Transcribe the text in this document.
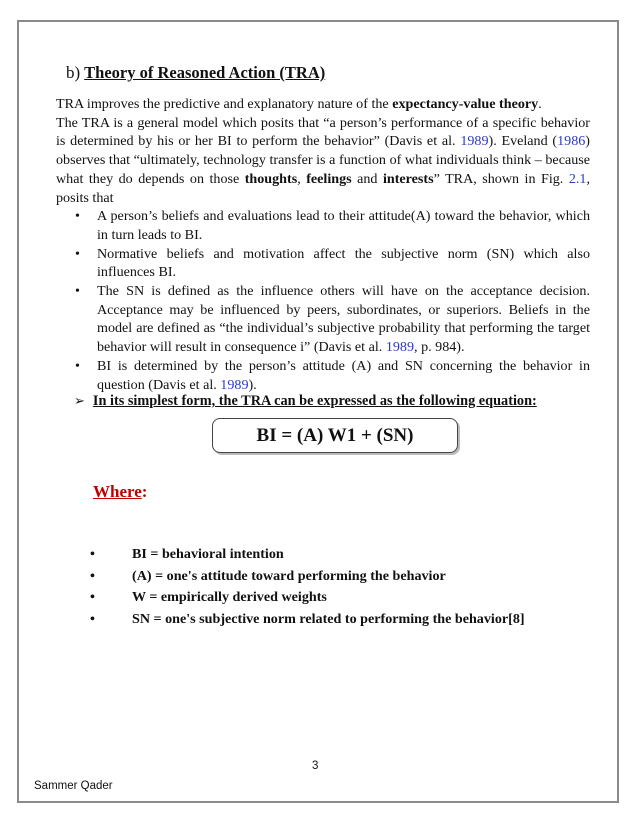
b) Theory of Reasoned Action (TRA)

TRA improves the predictive and explanatory nature of the expectancy-value theory.

The TRA is a general model which posits that “a person’s performance of a specific behavior is determined by his or her BI to perform the behavior” (Davis et al. 1989). Eveland (1986) observes that “ultimately, technology transfer is a function of what individuals think – because what they do depends on those thoughts, feelings and interests” TRA, shown in Fig. 2.1, posits that

• A person’s beliefs and evaluations lead to their attitude(A) toward the behavior, which in turn leads to BI.
• Normative beliefs and motivation affect the subjective norm (SN) which also influences BI.
• The SN is defined as the influence others will have on the acceptance decision. Acceptance may be influenced by peers, subordinates, or superiors. Beliefs in the model are defined as “the individual’s subjective probability that performing the target behavior will result in consequence i” (Davis et al. 1989, p. 984).
• BI is determined by the person’s attitude (A) and SN concerning the behavior in question (Davis et al. 1989).
➢ In its simplest form, the TRA can be expressed as the following equation:
BI = (A) W1 + (SN)
Where:
•	BI = behavioral intention
•	(A) = one's attitude toward performing the behavior
•	W = empirically derived weights
•	SN = one's subjective norm related to performing the behavior[8]
3
Sammer Qader
